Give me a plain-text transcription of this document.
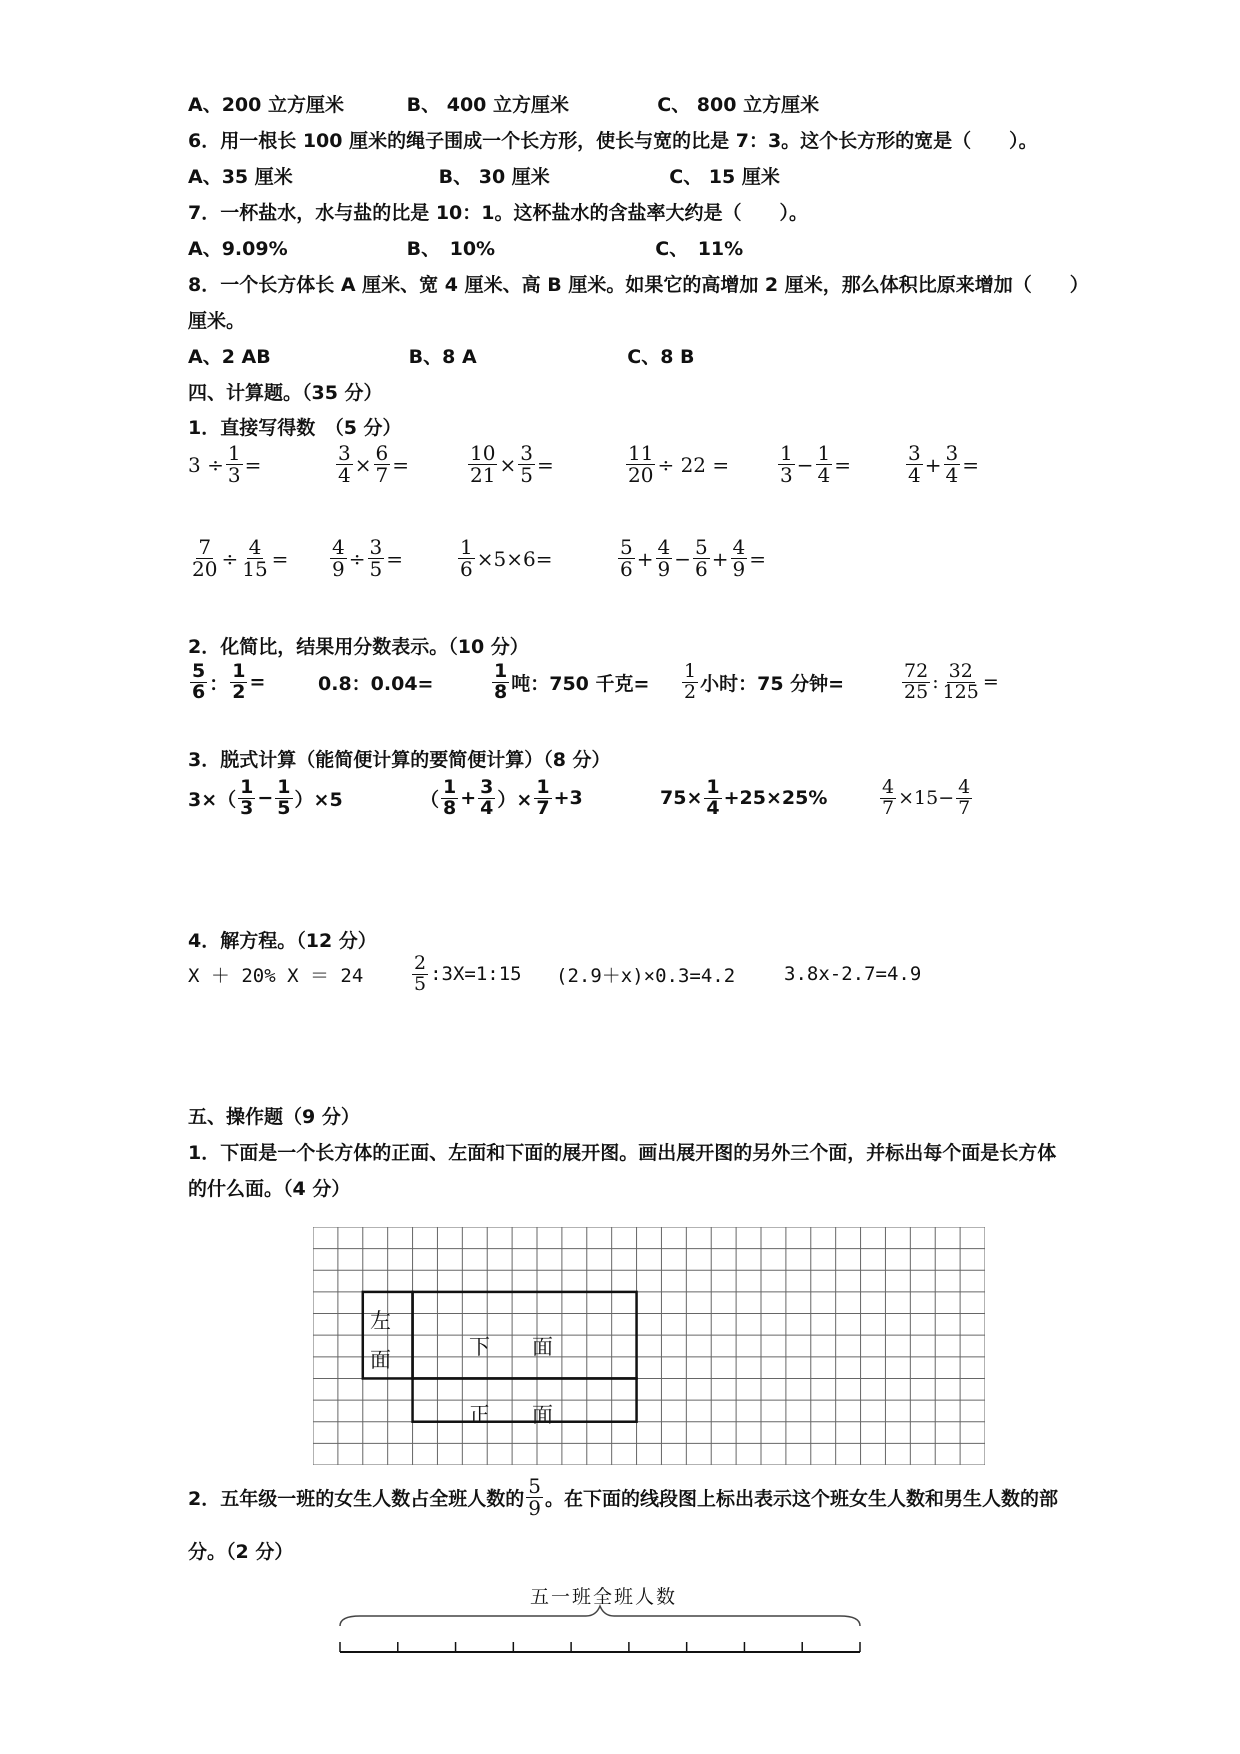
A、200 立方厘米	B、 400 立方厘米	C、 800 立方厘米
6．用一根长 100 厘米的绳子围成一个长方形，使长与宽的比是 7：3。这个长方形的宽是（　　）。
A、35 厘米	B、 30 厘米	C、 15 厘米
7．一杯盐水，水与盐的比是 10：1。这杯盐水的含盐率大约是（　　）。
A、9.09%	B、　10%	C、　11%
8．一个长方体长 A 厘米、宽 4 厘米、高 B 厘米。如果它的高增加 2 厘米，那么体积比原来增加（　　）
厘米。
A、2 AB	B、8 A	C、8 B
四、计算题。（35 分）
1．直接写得数　（5 分）
$3 \div \frac{1}{3}$ =	$\frac{3}{4} \times \frac{6}{7}$ =	$\frac{10}{21} \times \frac{3}{5}$ =	$\frac{11}{20} \div 22 = \frac{1}{3} - \frac{1}{4}$ =	$\frac{3}{4} + \frac{3}{4}$ =
$\frac{7}{20} \div \frac{4}{15} = \frac{4}{9} \div \frac{3}{5}$ =	$\frac{1}{6} \times 5\times 6=$	$\frac{5}{6} + \frac{4}{9} - \frac{5}{6} + \frac{4}{9}$ =
2．化简比，结果用分数表示。（10 分）
$\frac{5}{6}$ ： $\frac{1}{2}$ =	0.8：0.04=	$\frac{1}{8}$ 吨：750 千克= $\frac{1}{2}$ 小时：75 分钟=	$\frac{72}{25}$ : $\frac{32}{125}$ =
3．脱式计算（能简便计算的要简便计算）（8 分）
$3\times( \frac{1}{3} - \frac{1}{5} )\times 5$	（ $\frac{1}{8} + \frac{3}{4}$ ）× $\frac{1}{7} +3$	$75\times \frac{1}{4} +25\times 25\%$	$\frac{4}{7} \times 15- \frac{4}{7}$
4．解方程。（12 分）
X ＋ 20% X ＝ 24	$\frac{2}{5}$ :3X=1:15 (2.9＋x)×0.3=4.2	3.8x-2.7=4.9
五、操作题（9 分）
1．下面是一个长方体的正面、左面和下面的展开图。画出展开图的另外三个面，并标出每个面是长方体
的什么面。（4 分）
左
面
下　　面
正　　面
2．五年级一班的女生人数占全班人数的 $\frac{5}{9}$ 。在下面的线段图上标出表示这个班女生人数和男生人数的部
分。（2 分）
五一班全班人数
